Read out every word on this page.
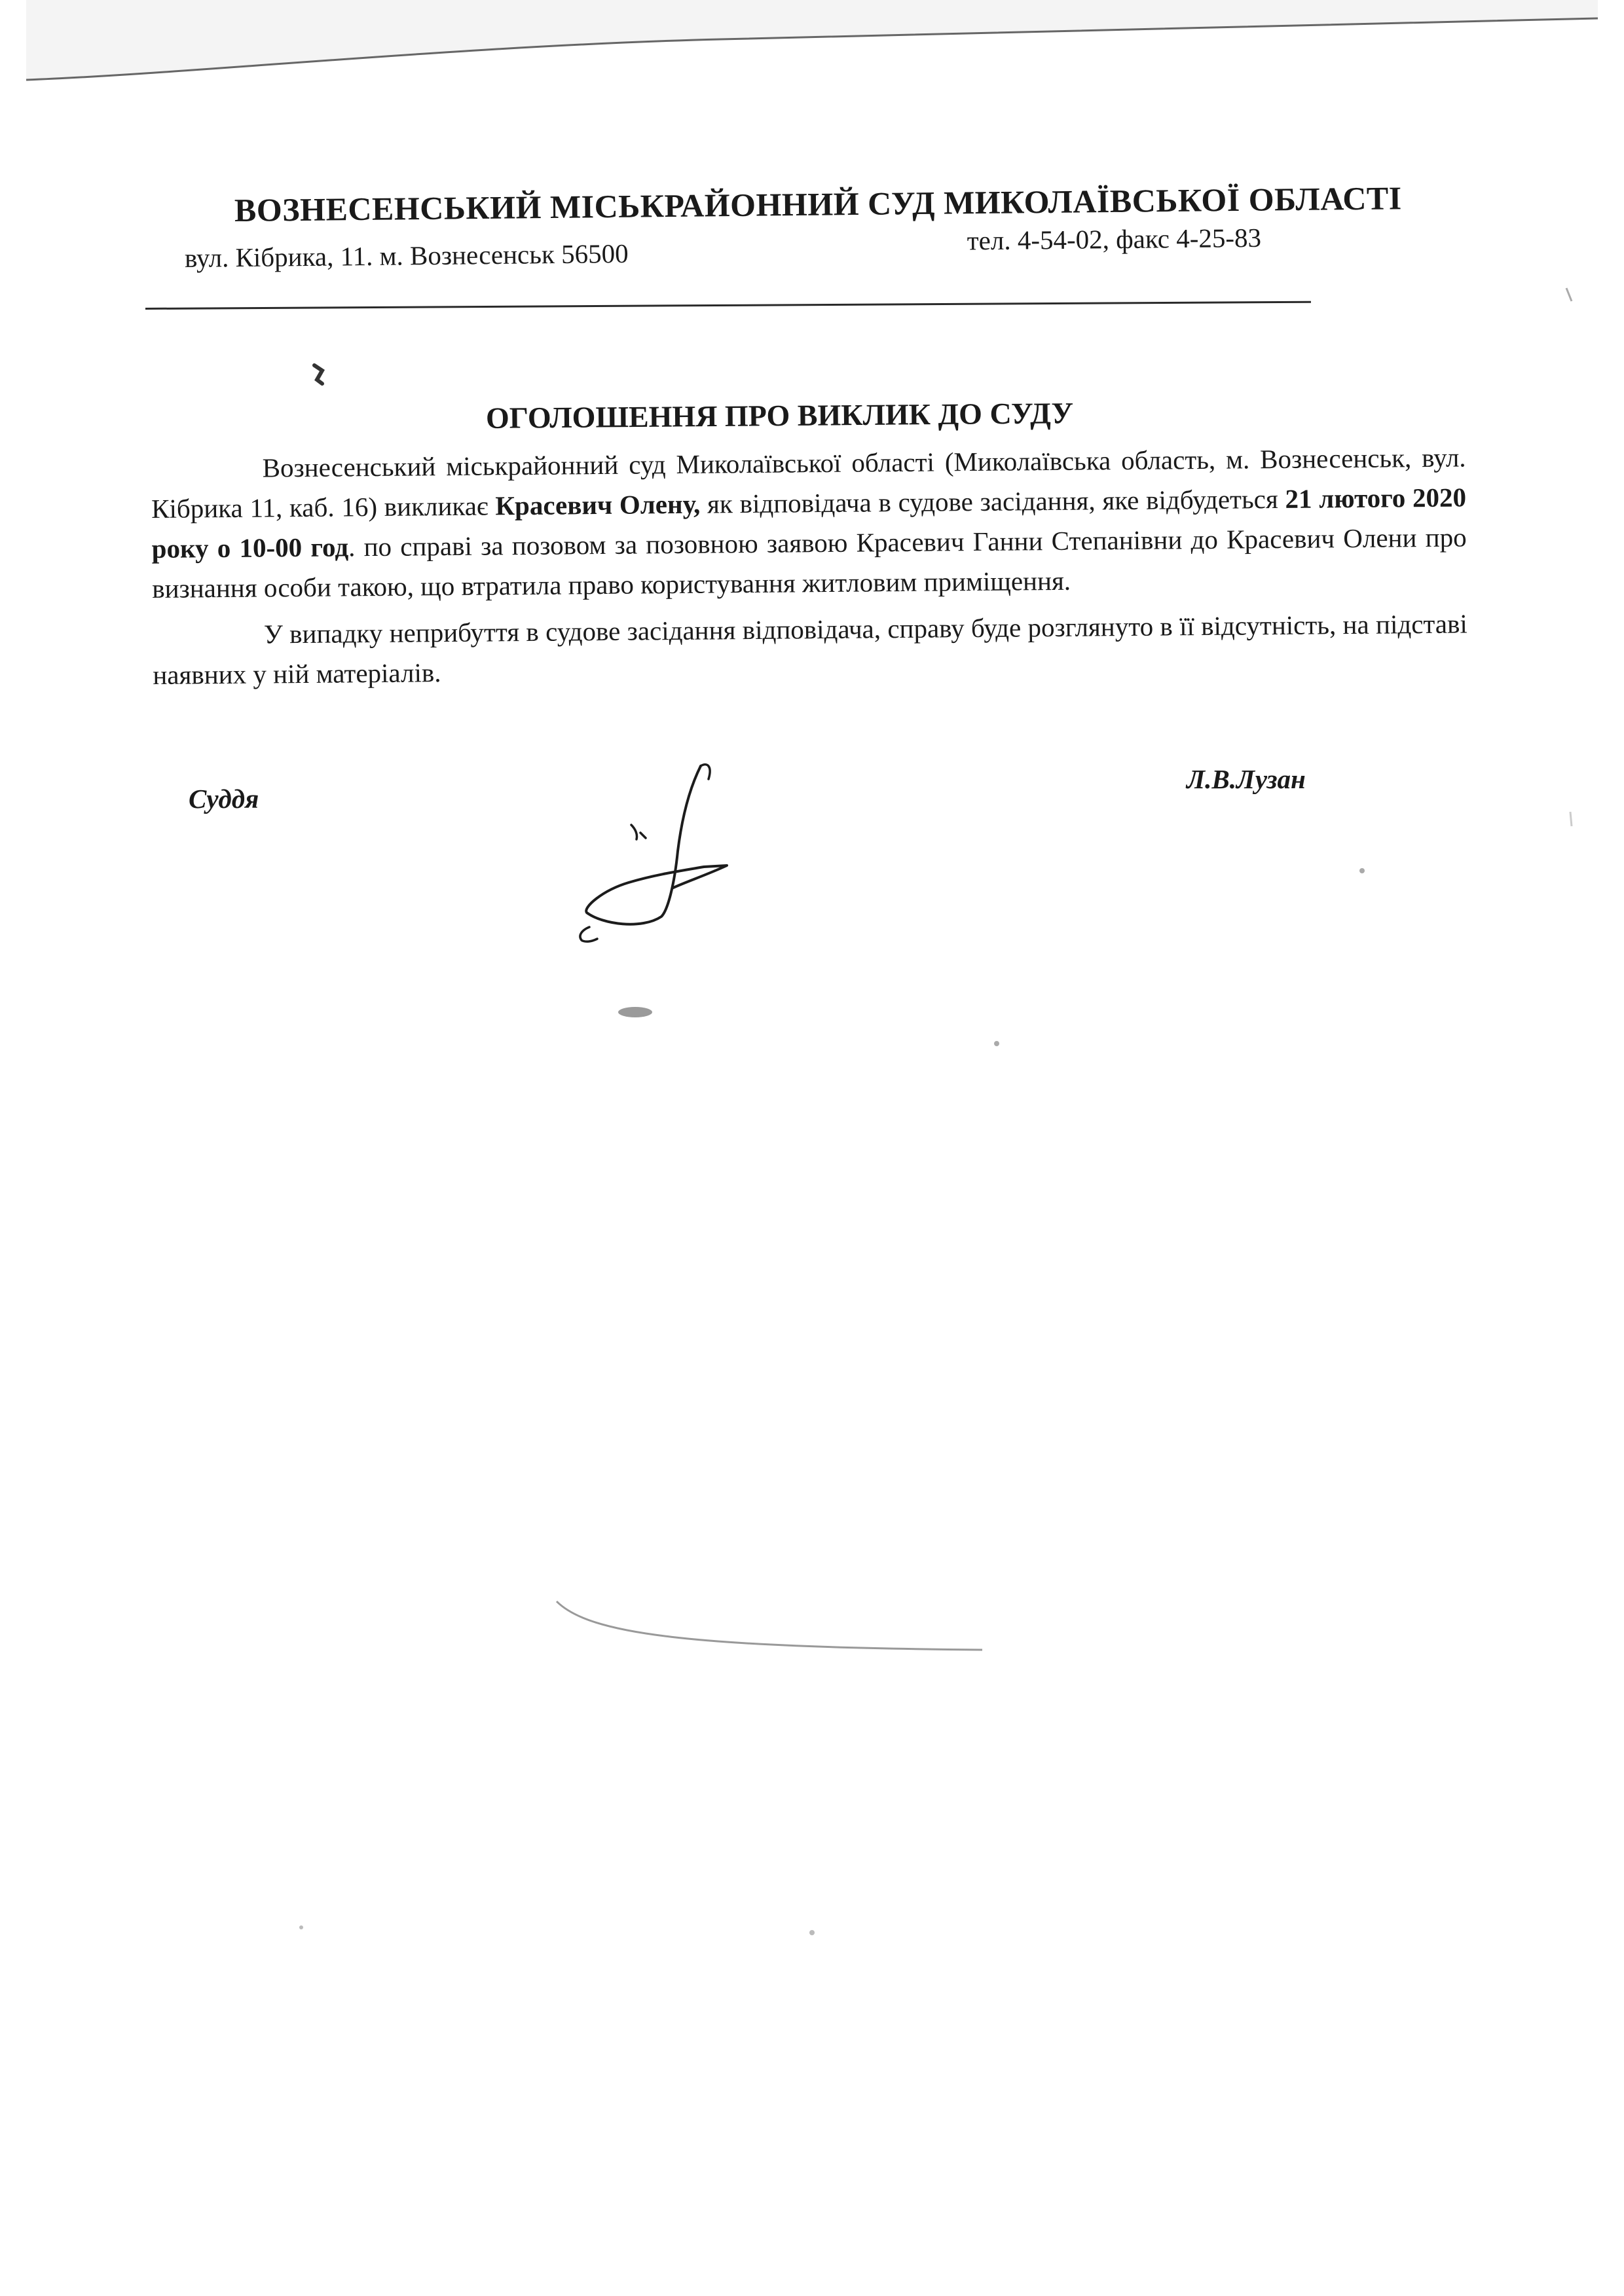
ВОЗНЕСЕНСЬКИЙ МІСЬКРАЙОННИЙ СУД МИКОЛАЇВСЬКОЇ ОБЛАСТІ
вул. Кібрика, 11. м. Вознесенськ 56500	тел. 4-54-02, факс 4-25-83
ОГОЛОШЕННЯ ПРО ВИКЛИК ДО СУДУ

Вознесенський міськрайонний суд Миколаївської області (Миколаївська область, м. Вознесенськ, вул. Кібрика 11, каб. 16) викликає Красевич Олену, як відповідача в судове засідання, яке відбудеться 21 лютого 2020 року о 10-00 год. по справі за позовом за позовною заявою Красевич Ганни Степанівни до Красевич Олени про визнання особи такою, що втратила право користування житловим приміщення.

У випадку неприбуття в судове засідання відповідача, справу буде розглянуто в її відсутність, на підставі наявних у ній матеріалів.

Суддя
Л.В.Лузан
